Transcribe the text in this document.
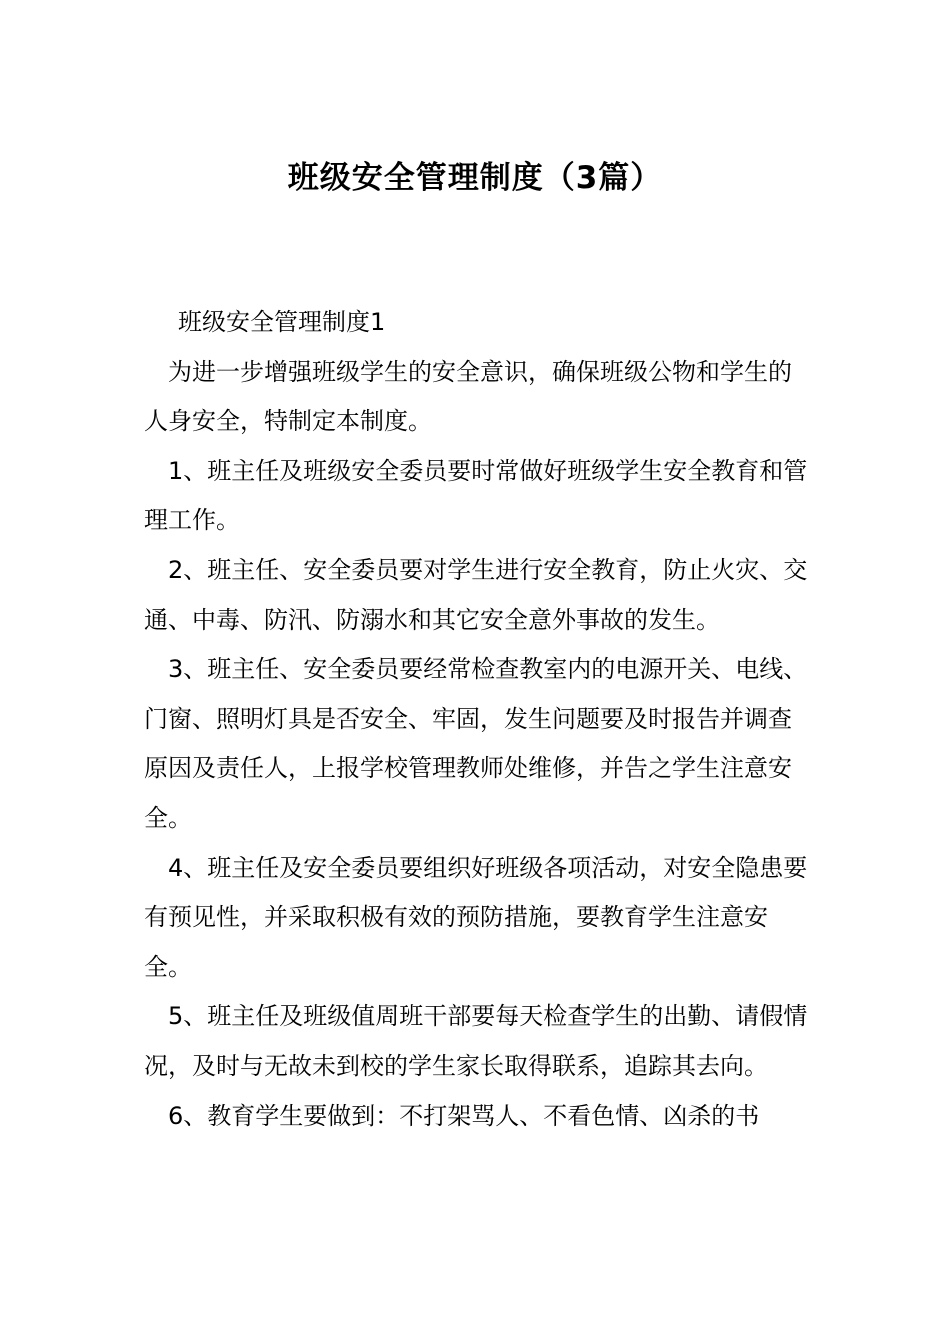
班级安全管理制度（3篇）

班级安全管理制度1

为进一步增强班级学生的安全意识，确保班级公物和学生的人身安全，特制定本制度。

1、班主任及班级安全委员要时常做好班级学生安全教育和管理工作。

2、班主任、安全委员要对学生进行安全教育，防止火灾、交通、中毒、防汛、防溺水和其它安全意外事故的发生。

3、班主任、安全委员要经常检查教室内的电源开关、电线、门窗、照明灯具是否安全、牢固，发生问题要及时报告并调查原因及责任人，上报学校管理教师处维修，并告之学生注意安全。

4、班主任及安全委员要组织好班级各项活动，对安全隐患要有预见性，并采取积极有效的预防措施，要教育学生注意安全。

5、班主任及班级值周班干部要每天检查学生的出勤、请假情况，及时与无故未到校的学生家长取得联系，追踪其去向。

6、教育学生要做到：不打架骂人、不看色情、凶杀的书
